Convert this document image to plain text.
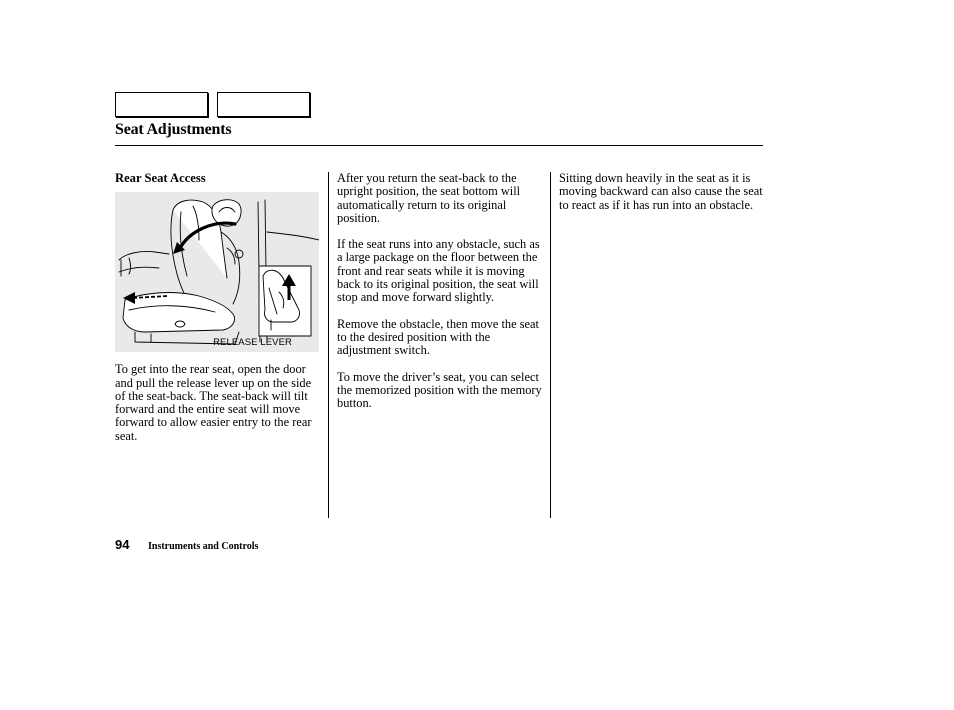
Seat Adjustments
Rear Seat Access
RELEASE LEVER

To get into the rear seat, open the door and pull the release lever up on the side of the seat-back. The seat-back will tilt forward and the entire seat will move forward to allow easier entry to the rear seat.

After you return the seat-back to the upright position, the seat bottom will automatically return to its original position.

If the seat runs into any obstacle, such as a large package on the floor between the front and rear seats while it is moving back to its original position, the seat will stop and move forward slightly.

Remove the obstacle, then move the seat to the desired position with the adjustment switch.

To move the driver’s seat, you can select the memorized position with the memory button.

Sitting down heavily in the seat as it is moving backward can also cause the seat to react as if it has run into an obstacle.

94 Instruments and Controls
